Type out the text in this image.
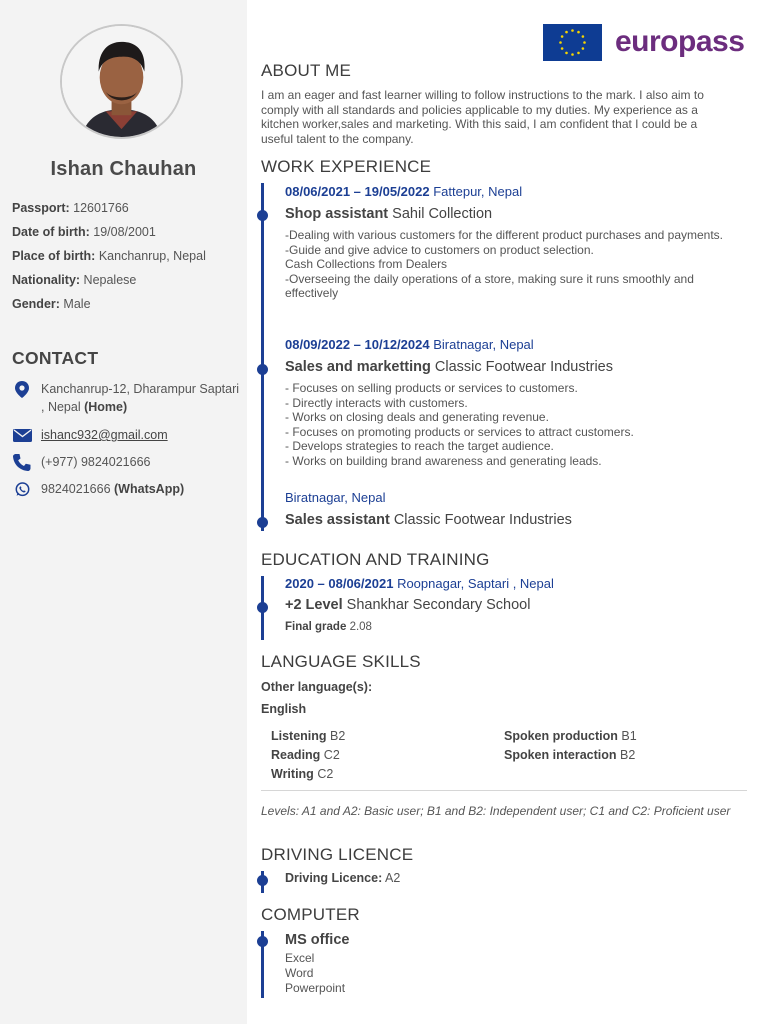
Ishan Chauhan
Passport: 12601766
Date of birth: 19/08/2001
Place of birth: Kanchanrup, Nepal
Nationality: Nepalese
Gender: Male
CONTACT
Kanchanrup-12, Dharampur Saptari , Nepal (Home)
ishanc932@gmail.com
(+977) 9824021666
9824021666 (WhatsApp)
europass
ABOUT ME
I am an eager and fast learner willing to follow instructions to the mark. I also aim to comply with all standards and policies applicable to my duties. My experience as a kitchen worker,sales and marketing. With this said, I am confident that I could be a useful talent to the company.
WORK EXPERIENCE
08/06/2021 – 19/05/2022 Fattepur, Nepal
Shop assistant Sahil Collection
-Dealing with various customers for the different product purchases and payments.
-Guide and give advice to customers on product selection.
Cash Collections from Dealers
-Overseeing the daily operations of a store, making sure it runs smoothly and effectively
08/09/2022 – 10/12/2024 Biratnagar, Nepal
Sales and marketting Classic Footwear Industries
- Focuses on selling products or services to customers.
- Directly interacts with customers.
- Works on closing deals and generating revenue.
- Focuses on promoting products or services to attract customers.
- Develops strategies to reach the target audience.
- Works on building brand awareness and generating leads.
Biratnagar, Nepal
Sales assistant Classic Footwear Industries
EDUCATION AND TRAINING
2020 – 08/06/2021 Roopnagar, Saptari , Nepal
+2 Level Shankhar Secondary School
Final grade 2.08
LANGUAGE SKILLS
Other language(s):
English
Listening B2
Reading C2
Writing C2
Spoken production B1
Spoken interaction B2
Levels: A1 and A2: Basic user; B1 and B2: Independent user; C1 and C2: Proficient user
DRIVING LICENCE
Driving Licence: A2
COMPUTER
MS office
Excel
Word
Powerpoint
